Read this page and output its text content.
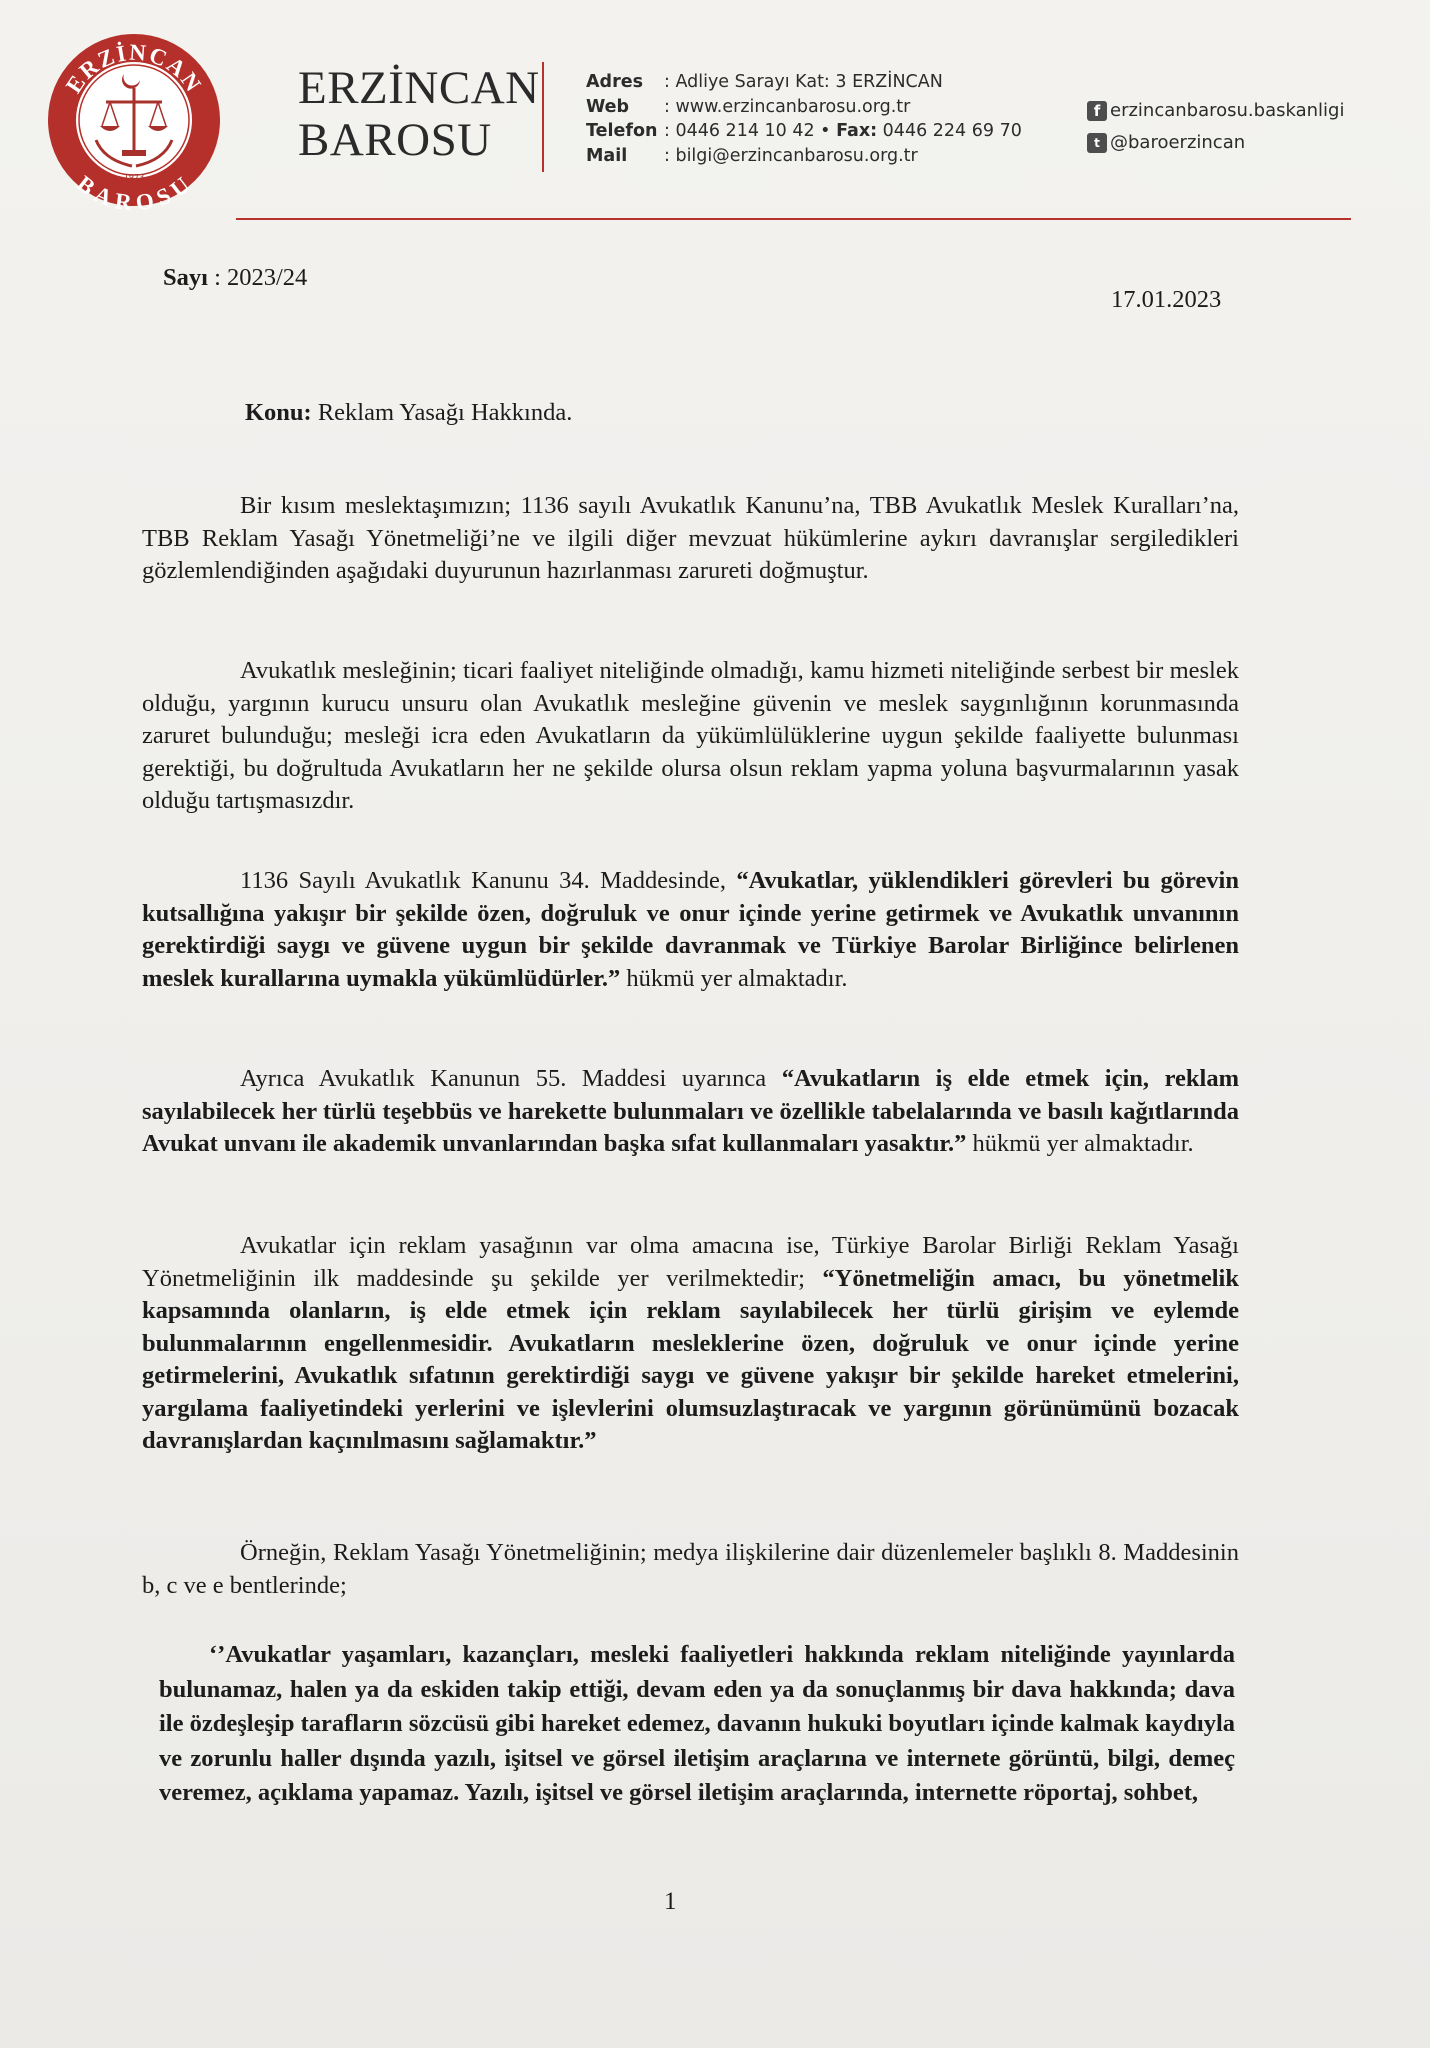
ERZİNCAN
BAROSU
1973
ERZİNCAN
BAROSU
Adres : Adliye Sarayı Kat: 3 ERZİNCAN
Web : www.erzincanbarosu.org.tr
Telefon : 0446 214 10 42 • Fax: 0446 224 69 70
Mail : bilgi@erzincanbarosu.org.tr
f erzincanbarosu.baskanligi
t @baroerzincan
Sayı : 2023/24
17.01.2023
Konu: Reklam Yasağı Hakkında.
Bir kısım meslektaşımızın; 1136 sayılı Avukatlık Kanunu’na, TBB Avukatlık Meslek Kuralları’na, TBB Reklam Yasağı Yönetmeliği’ne ve ilgili diğer mevzuat hükümlerine aykırı davranışlar sergiledikleri gözlemlendiğinden aşağıdaki duyurunun hazırlanması zarureti doğmuştur.
Avukatlık mesleğinin; ticari faaliyet niteliğinde olmadığı, kamu hizmeti niteliğinde serbest bir meslek olduğu, yargının kurucu unsuru olan Avukatlık mesleğine güvenin ve meslek saygınlığının korunmasında zaruret bulunduğu; mesleği icra eden Avukatların da yükümlülüklerine uygun şekilde faaliyette bulunması gerektiği, bu doğrultuda Avukatların her ne şekilde olursa olsun reklam yapma yoluna başvurmalarının yasak olduğu tartışmasızdır.
1136 Sayılı Avukatlık Kanunu 34. Maddesinde, “Avukatlar, yüklendikleri görevleri bu görevin kutsallığına yakışır bir şekilde özen, doğruluk ve onur içinde yerine getirmek ve Avukatlık unvanının gerektirdiği saygı ve güvene uygun bir şekilde davranmak ve Türkiye Barolar Birliğince belirlenen meslek kurallarına uymakla yükümlüdürler.” hükmü yer almaktadır.
Ayrıca Avukatlık Kanunun 55. Maddesi uyarınca “Avukatların iş elde etmek için, reklam sayılabilecek her türlü teşebbüs ve harekette bulunmaları ve özellikle tabelalarında ve basılı kağıtlarında Avukat unvanı ile akademik unvanlarından başka sıfat kullanmaları yasaktır.” hükmü yer almaktadır.
Avukatlar için reklam yasağının var olma amacına ise, Türkiye Barolar Birliği Reklam Yasağı Yönetmeliğinin ilk maddesinde şu şekilde yer verilmektedir; “Yönetmeliğin amacı, bu yönetmelik kapsamında olanların, iş elde etmek için reklam sayılabilecek her türlü girişim ve eylemde bulunmalarının engellenmesidir. Avukatların mesleklerine özen, doğruluk ve onur içinde yerine getirmelerini, Avukatlık sıfatının gerektirdiği saygı ve güvene yakışır bir şekilde hareket etmelerini, yargılama faaliyetindeki yerlerini ve işlevlerini olumsuzlaştıracak ve yargının görünümünü bozacak davranışlardan kaçınılmasını sağlamaktır.”
Örneğin, Reklam Yasağı Yönetmeliğinin; medya ilişkilerine dair düzenlemeler başlıklı 8. Maddesinin b, c ve e bentlerinde;
‘’Avukatlar yaşamları, kazançları, mesleki faaliyetleri hakkında reklam niteliğinde yayınlarda bulunamaz, halen ya da eskiden takip ettiği, devam eden ya da sonuçlanmış bir dava hakkında; dava ile özdeşleşip tarafların sözcüsü gibi hareket edemez, davanın hukuki boyutları içinde kalmak kaydıyla ve zorunlu haller dışında yazılı, işitsel ve görsel iletişim araçlarına ve internete görüntü, bilgi, demeç veremez, açıklama yapamaz. Yazılı, işitsel ve görsel iletişim araçlarında, internette röportaj, sohbet,
1
